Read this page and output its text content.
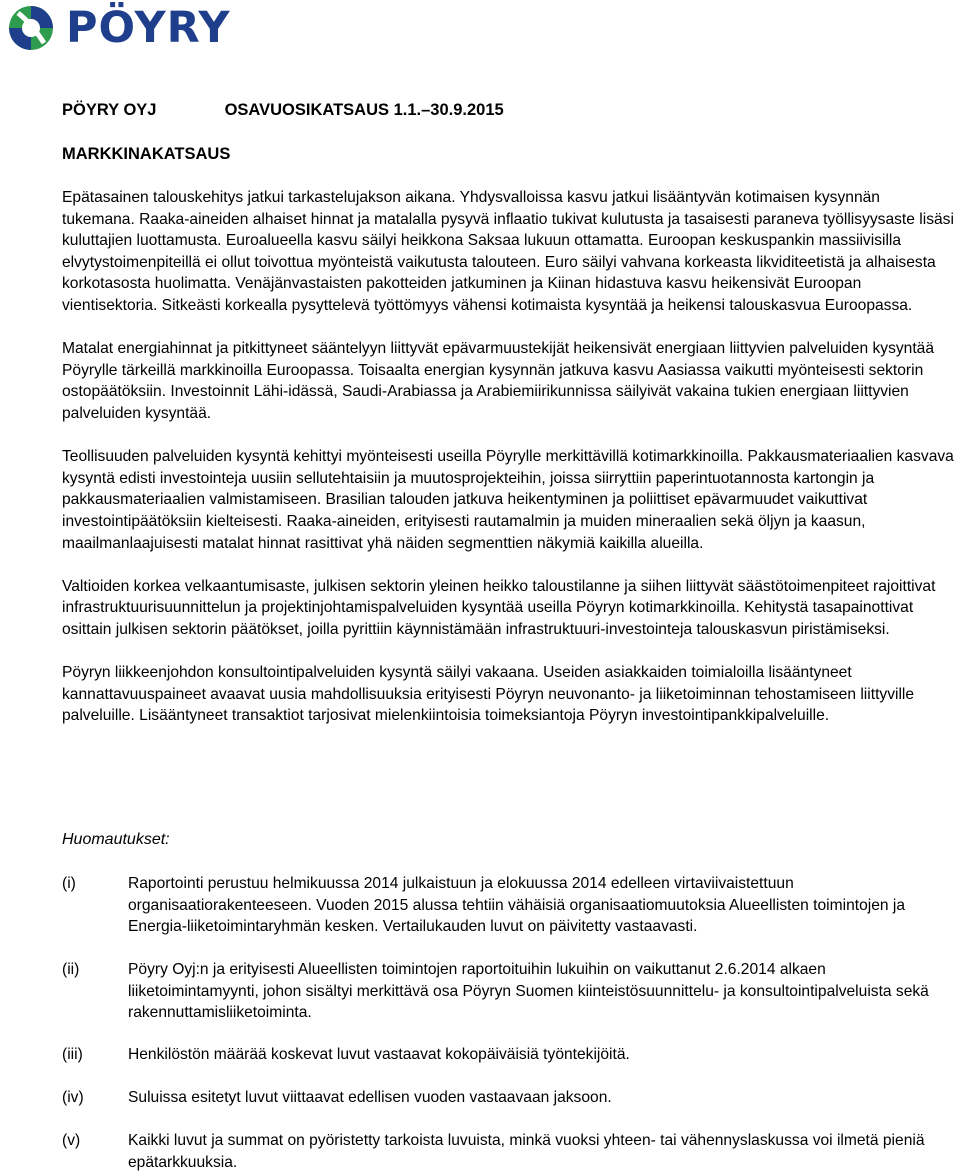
PÖYRY
PÖYRY OYJ	OSAVUOSIKATSAUS 1.1.–30.9.2015
MARKKINAKATSAUS

Epätasainen talouskehitys jatkui tarkastelujakson aikana. Yhdysvalloissa kasvu jatkui lisääntyvän kotimaisen kysynnän tukemana. Raaka-aineiden alhaiset hinnat ja matalalla pysyvä inflaatio tukivat kulutusta ja tasaisesti paraneva työllisyysaste lisäsi kuluttajien luottamusta. Euroalueella kasvu säilyi heikkona Saksaa lukuun ottamatta. Euroopan keskuspankin massiivisilla elvytystoimenpiteillä ei ollut toivottua myönteistä vaikutusta talouteen. Euro säilyi vahvana korkeasta likviditeetistä ja alhaisesta korkotasosta huolimatta. Venäjänvastaisten pakotteiden jatkuminen ja Kiinan hidastuva kasvu heikensivät Euroopan vientisektoria. Sitkeästi korkealla pysyttelevä työttömyys vähensi kotimaista kysyntää ja heikensi talouskasvua Euroopassa.

Matalat energiahinnat ja pitkittyneet sääntelyyn liittyvät epävarmuustekijät heikensivät energiaan liittyvien palveluiden kysyntää Pöyrylle tärkeillä markkinoilla Euroopassa. Toisaalta energian kysynnän jatkuva kasvu Aasiassa vaikutti myönteisesti sektorin ostopäätöksiin. Investoinnit Lähi-idässä, Saudi-Arabiassa ja Arabiemiirikunnissa säilyivät vakaina tukien energiaan liittyvien palveluiden kysyntää.

Teollisuuden palveluiden kysyntä kehittyi myönteisesti useilla Pöyrylle merkittävillä kotimarkkinoilla. Pakkausmateriaalien kasvava kysyntä edisti investointeja uusiin sellutehtaisiin ja muutosprojekteihin, joissa siirryttiin paperintuotannosta kartongin ja pakkausmateriaalien valmistamiseen. Brasilian talouden jatkuva heikentyminen ja poliittiset epävarmuudet vaikuttivat investointipäätöksiin kielteisesti. Raaka-aineiden, erityisesti rautamalmin ja muiden mineraalien sekä öljyn ja kaasun, maailmanlaajuisesti matalat hinnat rasittivat yhä näiden segmenttien näkymiä kaikilla alueilla.

Valtioiden korkea velkaantumisaste, julkisen sektorin yleinen heikko taloustilanne ja siihen liittyvät säästötoimenpiteet rajoittivat infrastruktuurisuunnittelun ja projektinjohtamispalveluiden kysyntää useilla Pöyryn kotimarkkinoilla. Kehitystä tasapainottivat osittain julkisen sektorin päätökset, joilla pyrittiin käynnistämään infrastruktuuri-investointeja talouskasvun piristämiseksi.

Pöyryn liikkeenjohdon konsultointipalveluiden kysyntä säilyi vakaana. Useiden asiakkaiden toimialoilla lisääntyneet kannattavuuspaineet avaavat uusia mahdollisuuksia erityisesti Pöyryn neuvonanto- ja liiketoiminnan tehostamiseen liittyville palveluille. Lisääntyneet transaktiot tarjosivat mielenkiintoisia toimeksiantoja Pöyryn investointipankkipalveluille.

Huomautukset:
(i)	Raportointi perustuu helmikuussa 2014 julkaistuun ja elokuussa 2014 edelleen virtaviivaistettuun organisaatiorakenteeseen. Vuoden 2015 alussa tehtiin vähäisiä organisaatiomuutoksia Alueellisten toimintojen ja Energia-liiketoimintaryhmän kesken. Vertailukauden luvut on päivitetty vastaavasti.
(ii)	Pöyry Oyj:n ja erityisesti Alueellisten toimintojen raportoituihin lukuihin on vaikuttanut 2.6.2014 alkaen liiketoimintamyynti, johon sisältyi merkittävä osa Pöyryn Suomen kiinteistösuunnittelu- ja konsultointipalveluista sekä rakennuttamisliiketoiminta.
(iii)	Henkilöstön määrää koskevat luvut vastaavat kokopäiväisiä työntekijöitä.
(iv)	Suluissa esitetyt luvut viittaavat edellisen vuoden vastaavaan jaksoon.
(v)	Kaikki luvut ja summat on pyöristetty tarkoista luvuista, minkä vuoksi yhteen- tai vähennyslaskussa voi ilmetä pieniä epätarkkuuksia.
